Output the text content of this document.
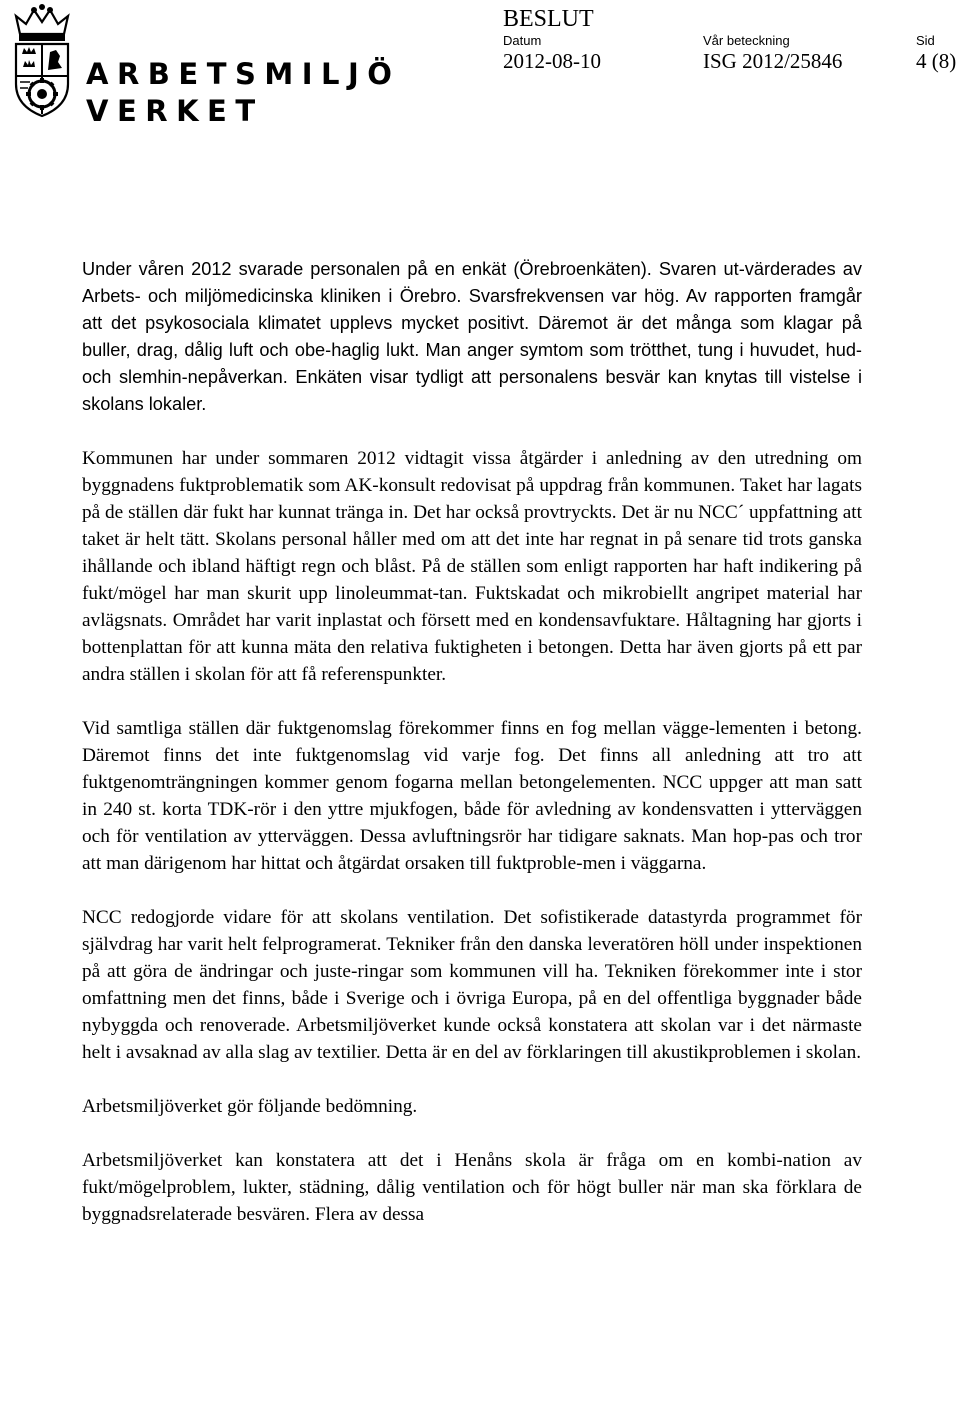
ARBETSMILJÖ
VERKET
BESLUT
Datum
2012-08-10
Vår beteckning
ISG 2012/25846
Sid
4 (8)

Under våren 2012 svarade personalen på en enkät (Örebroenkäten). Svaren ut-värderades av Arbets- och miljömedicinska kliniken i Örebro. Svarsfrekvensen var hög. Av rapporten framgår att det psykosociala klimatet upplevs mycket positivt. Däremot är det många som klagar på buller, drag, dålig luft och obe-haglig lukt. Man anger symtom som trötthet, tung i huvudet, hud- och slemhin-nepåverkan. Enkäten visar tydligt att personalens besvär kan knytas till vistelse i skolans lokaler.

Kommunen har under sommaren 2012 vidtagit vissa åtgärder i anledning av den utredning om byggnadens fuktproblematik som AK-konsult redovisat på uppdrag från kommunen. Taket har lagats på de ställen där fukt har kunnat tränga in. Det har också provtryckts. Det är nu NCC´ uppfattning att taket är helt tätt. Skolans personal håller med om att det inte har regnat in på senare tid trots ganska ihållande och ibland häftigt regn och blåst. På de ställen som enligt rapporten har haft indikering på fukt/mögel har man skurit upp linoleummat-tan. Fuktskadat och mikrobiellt angripet material har avlägsnats. Området har varit inplastat och försett med en kondensavfuktare. Håltagning har gjorts i bottenplattan för att kunna mäta den relativa fuktigheten i betongen. Detta har även gjorts på ett par andra ställen i skolan för att få referenspunkter.

Vid samtliga ställen där fuktgenomslag förekommer finns en fog mellan vägge-lementen i betong. Däremot finns det inte fuktgenomslag vid varje fog. Det finns all anledning att tro att fuktgenomträngningen kommer genom fogarna mellan betongelementen. NCC uppger att man satt in 240 st. korta TDK-rör i den yttre mjukfogen, både för avledning av kondensvatten i ytterväggen och för ventilation av ytterväggen. Dessa avluftningsrör har tidigare saknats. Man hop-pas och tror att man därigenom har hittat och åtgärdat orsaken till fuktproble-men i väggarna.

NCC redogjorde vidare för att skolans ventilation. Det sofistikerade datastyrda programmet för självdrag har varit helt felprogramerat. Tekniker från den danska leveratören höll under inspektionen på att göra de ändringar och juste-ringar som kommunen vill ha. Tekniken förekommer inte i stor omfattning men det finns, både i Sverige och i övriga Europa, på en del offentliga byggnader både nybyggda och renoverade. Arbetsmiljöverket kunde också konstatera att skolan var i det närmaste helt i avsaknad av alla slag av textilier. Detta är en del av förklaringen till akustikproblemen i skolan.

Arbetsmiljöverket gör följande bedömning.

Arbetsmiljöverket kan konstatera att det i Henåns skola är fråga om en kombi-nation av fukt/mögelproblem, lukter, städning, dålig ventilation och för högt buller när man ska förklara de byggnadsrelaterade besvären. Flera av dessa
